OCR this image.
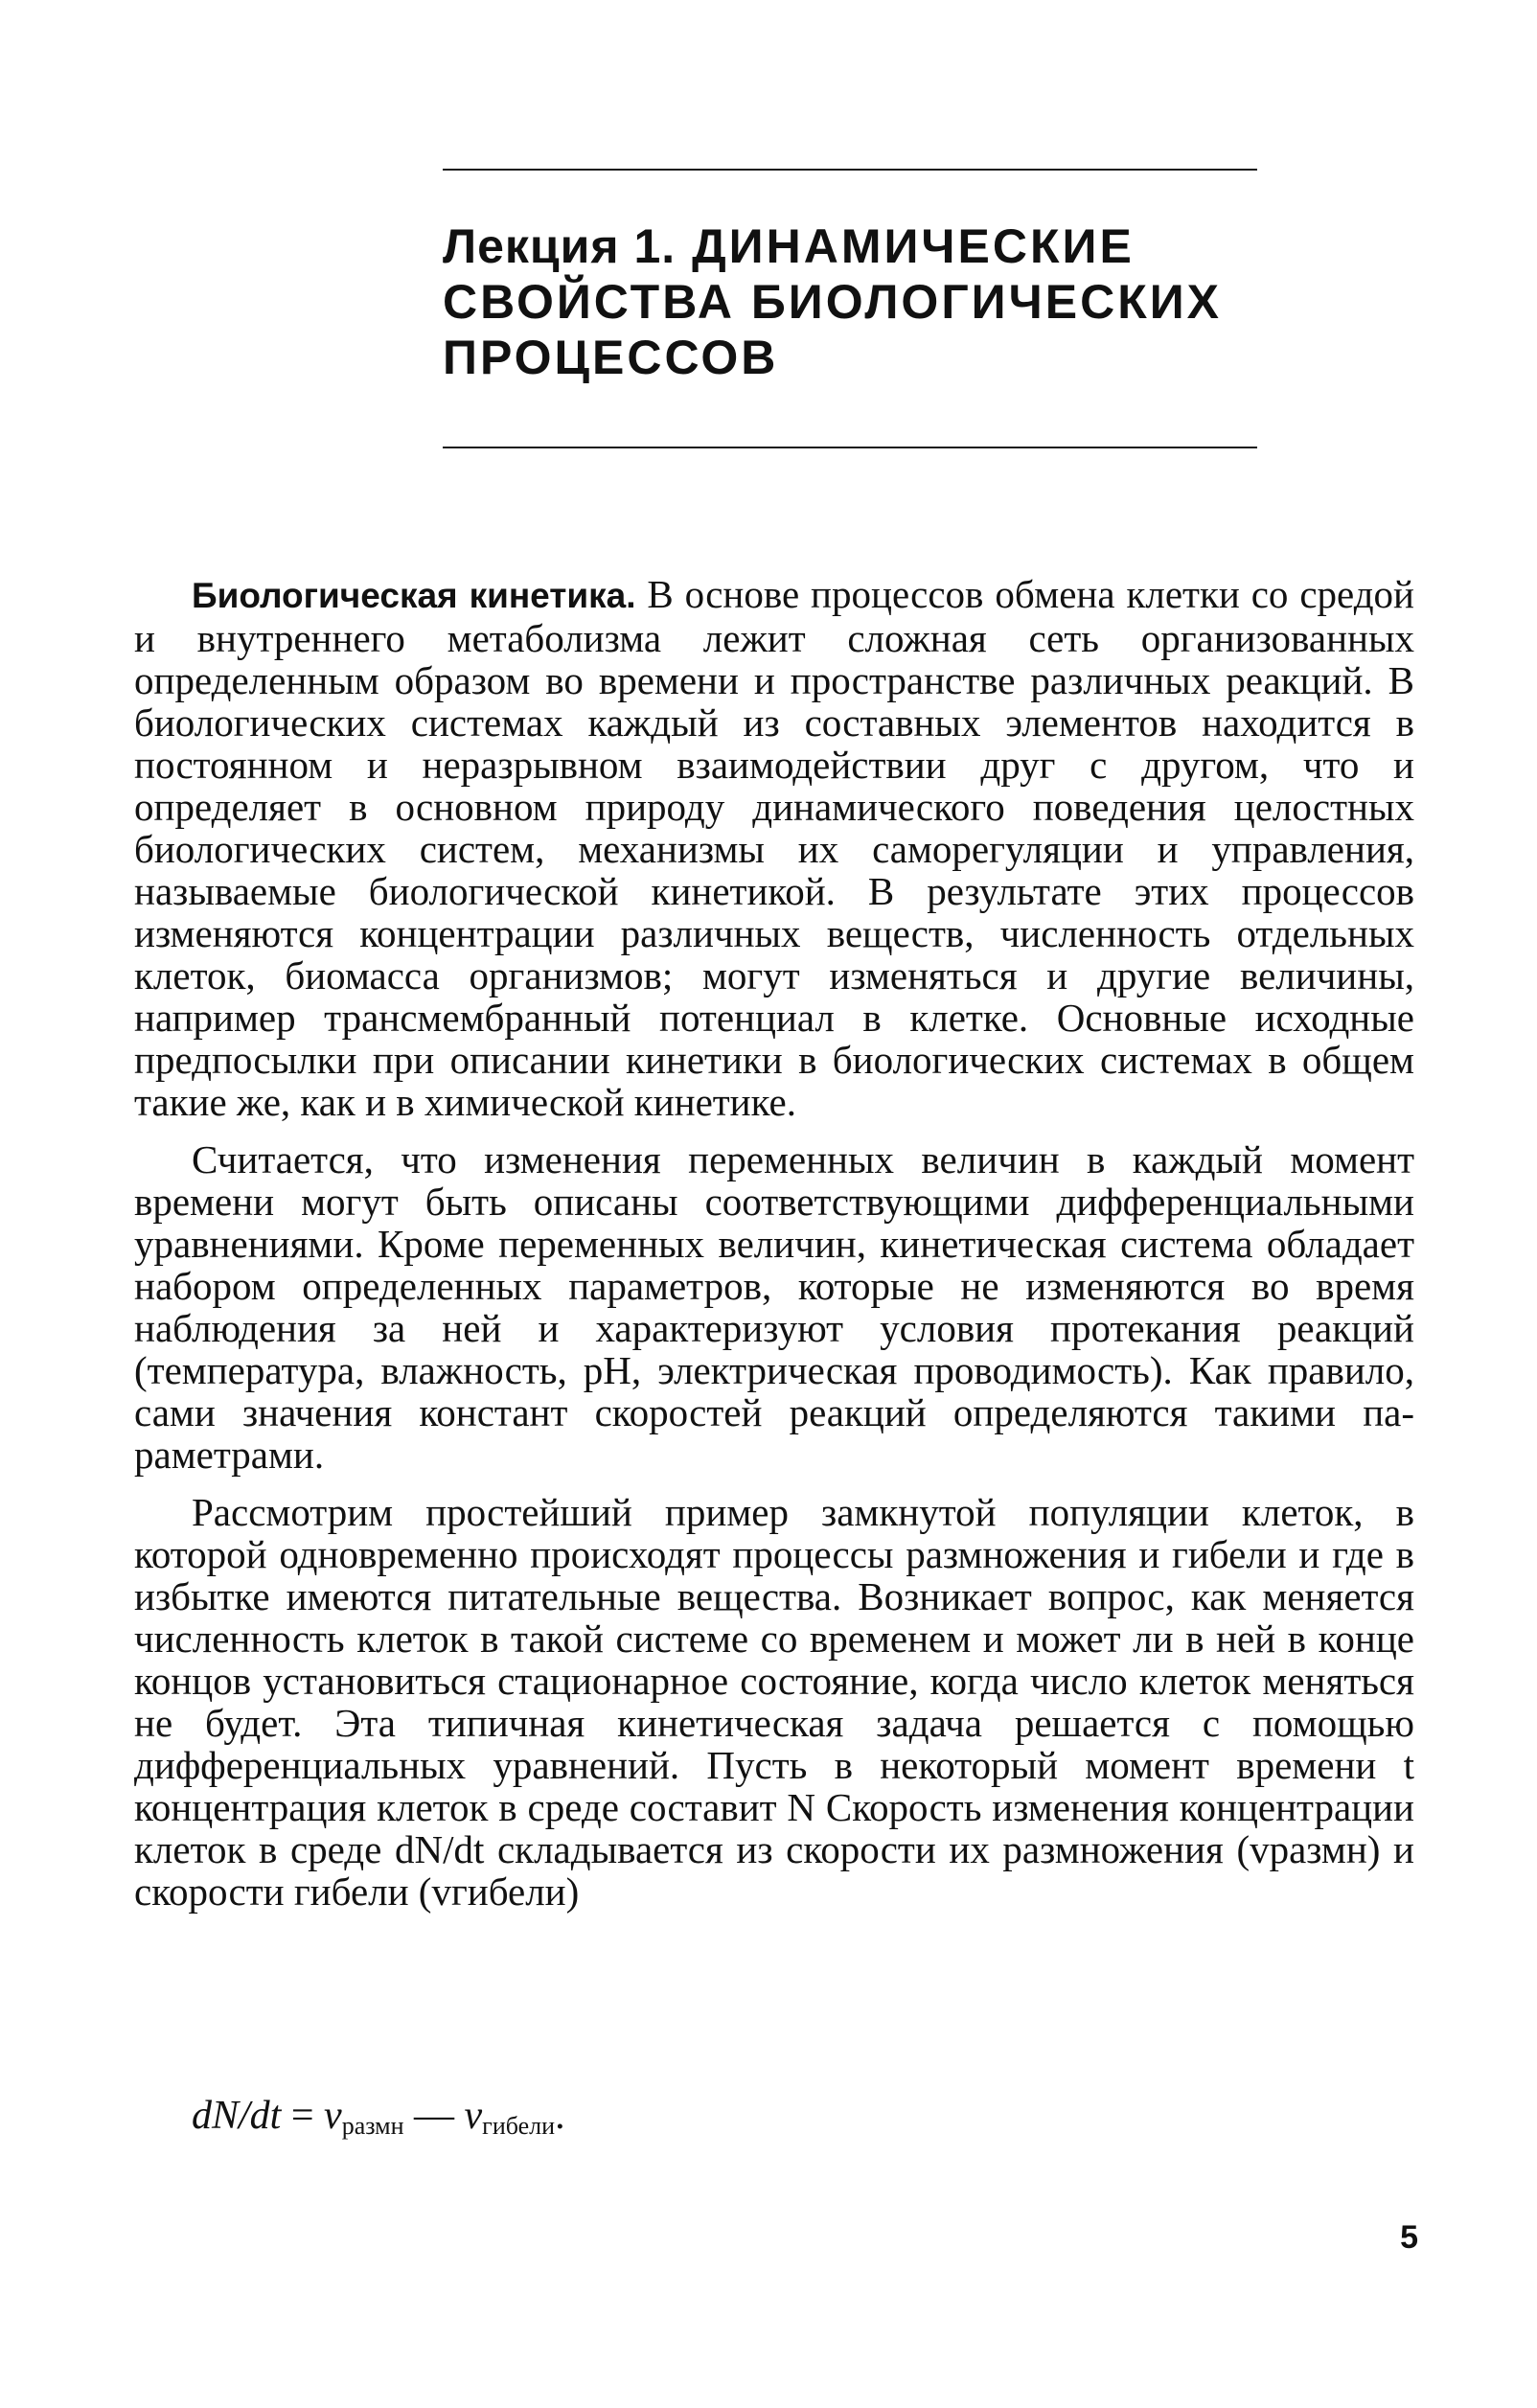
Лекция 1. ДИНАМИЧЕСКИЕ
СВОЙСТВА БИОЛОГИЧЕСКИХ
ПРОЦЕССОВ

Биологическая кинетика. В основе процессов обмена клетки со средой и внутреннего метаболизма лежит сложная сеть организованных определенным образом во времени и пространстве различных реакций. В биологических системах каждый из составных элементов находится в постоянном и неразрывном взаимодействии друг с другом, что и определяет в основном природу динамического поведения целостных биологических систем, механизмы их саморегуляции и управления, называемые биологической кинетикой. В результате этих процессов изменяются концентрации различных веществ, численность отдельных клеток, биомасса организмов; могут изменяться и другие величины, например трансмембранный потенциал в клетке. Основные исходные предпосылки при описании кинетики в биологических системах в общем такие же, как и в химической кинетике.

Считается, что изменения переменных величин в каждый момент времени могут быть описаны соответствующими дифференциальными уравнениями. Кроме переменных величин, кинетическая система обладает набором определенных параметров, которые не изменяются во время наблюдения за ней и характеризуют условия протекания реакций (температура, влажность, pH, электрическая проводимость). Как правило, сами значения констант скоростей реакций определяются такими параметрами.

Рассмотрим простейший пример замкнутой популяции клеток, в которой одновременно происходят процессы размножения и гибели и где в избытке имеются питательные вещества. Возникает вопрос, как меняется численность клеток в такой системе со временем и может ли в ней в конце концов установиться стационарное состояние, когда число клеток меняться не будет. Эта типичная кинетическая задача решается с помощью дифференциальных уравнений. Пусть в некоторый момент времени t концентрация клеток в среде составит N Скорость изменения концентрации клеток в среде dN/dt складывается из скорости их размножения (vразмн) и скорости гибели (vгибели)

$dN/dt = v_{размн}$ — $v_{гибели}$.
5
